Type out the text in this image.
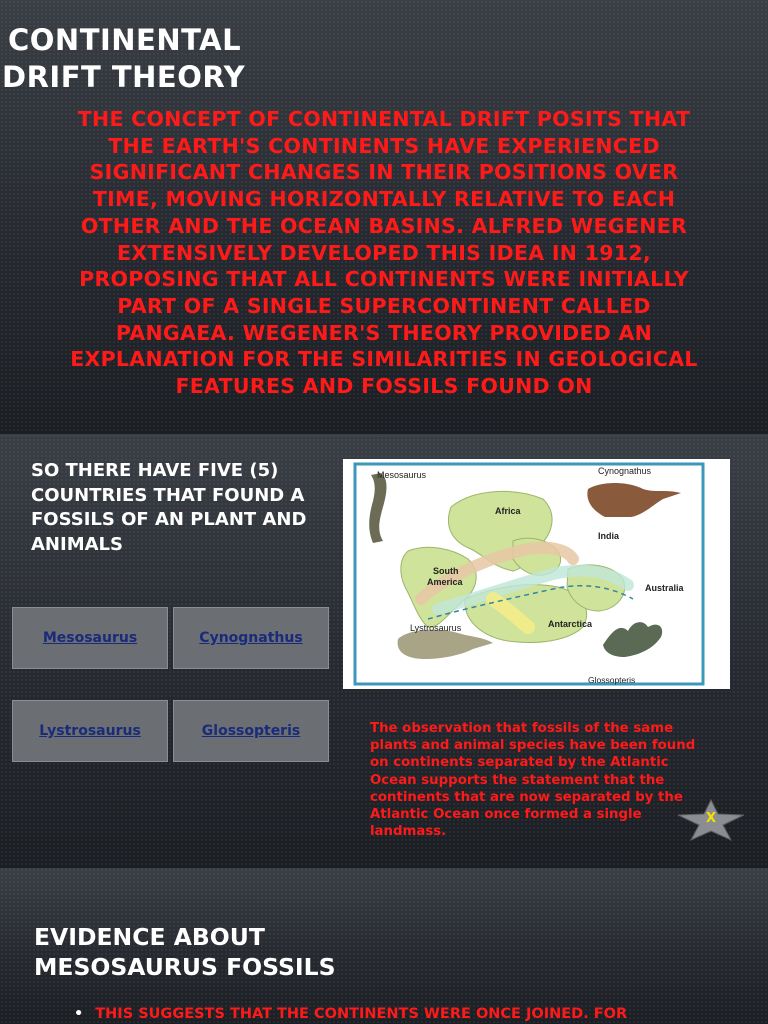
CONTINENTAL
DRIFT THEORY
THE CONCEPT OF CONTINENTAL DRIFT POSITS THAT THE EARTH'S CONTINENTS HAVE EXPERIENCED SIGNIFICANT CHANGES IN THEIR POSITIONS OVER TIME, MOVING HORIZONTALLY RELATIVE TO EACH OTHER AND THE OCEAN BASINS. ALFRED WEGENER EXTENSIVELY DEVELOPED THIS IDEA IN 1912, PROPOSING THAT ALL CONTINENTS WERE INITIALLY PART OF A SINGLE SUPERCONTINENT CALLED PANGAEA. WEGENER'S THEORY PROVIDED AN EXPLANATION FOR THE SIMILARITIES IN GEOLOGICAL FEATURES AND FOSSILS FOUND ON
SO THERE HAVE FIVE (5) COUNTRIES THAT FOUND A FOSSILS OF AN PLANT AND ANIMALS
Mesosaurus	Cynognathus
Lystrosaurus	Glossopteris
Mesosaurus	Cynognathus
Africa
India
South
America
Australia
Antarctica
Lystrosaurus
Glossopteris
The observation that fossils of the same plants and animal species have been found on continents separated by the Atlantic Ocean supports the statement that the continents that are now separated by the Atlantic Ocean once formed a single landmass.
X
EVIDENCE ABOUT MESOSAURUS FOSSILS
• THIS SUGGESTS THAT THE CONTINENTS WERE ONCE JOINED. FOR
